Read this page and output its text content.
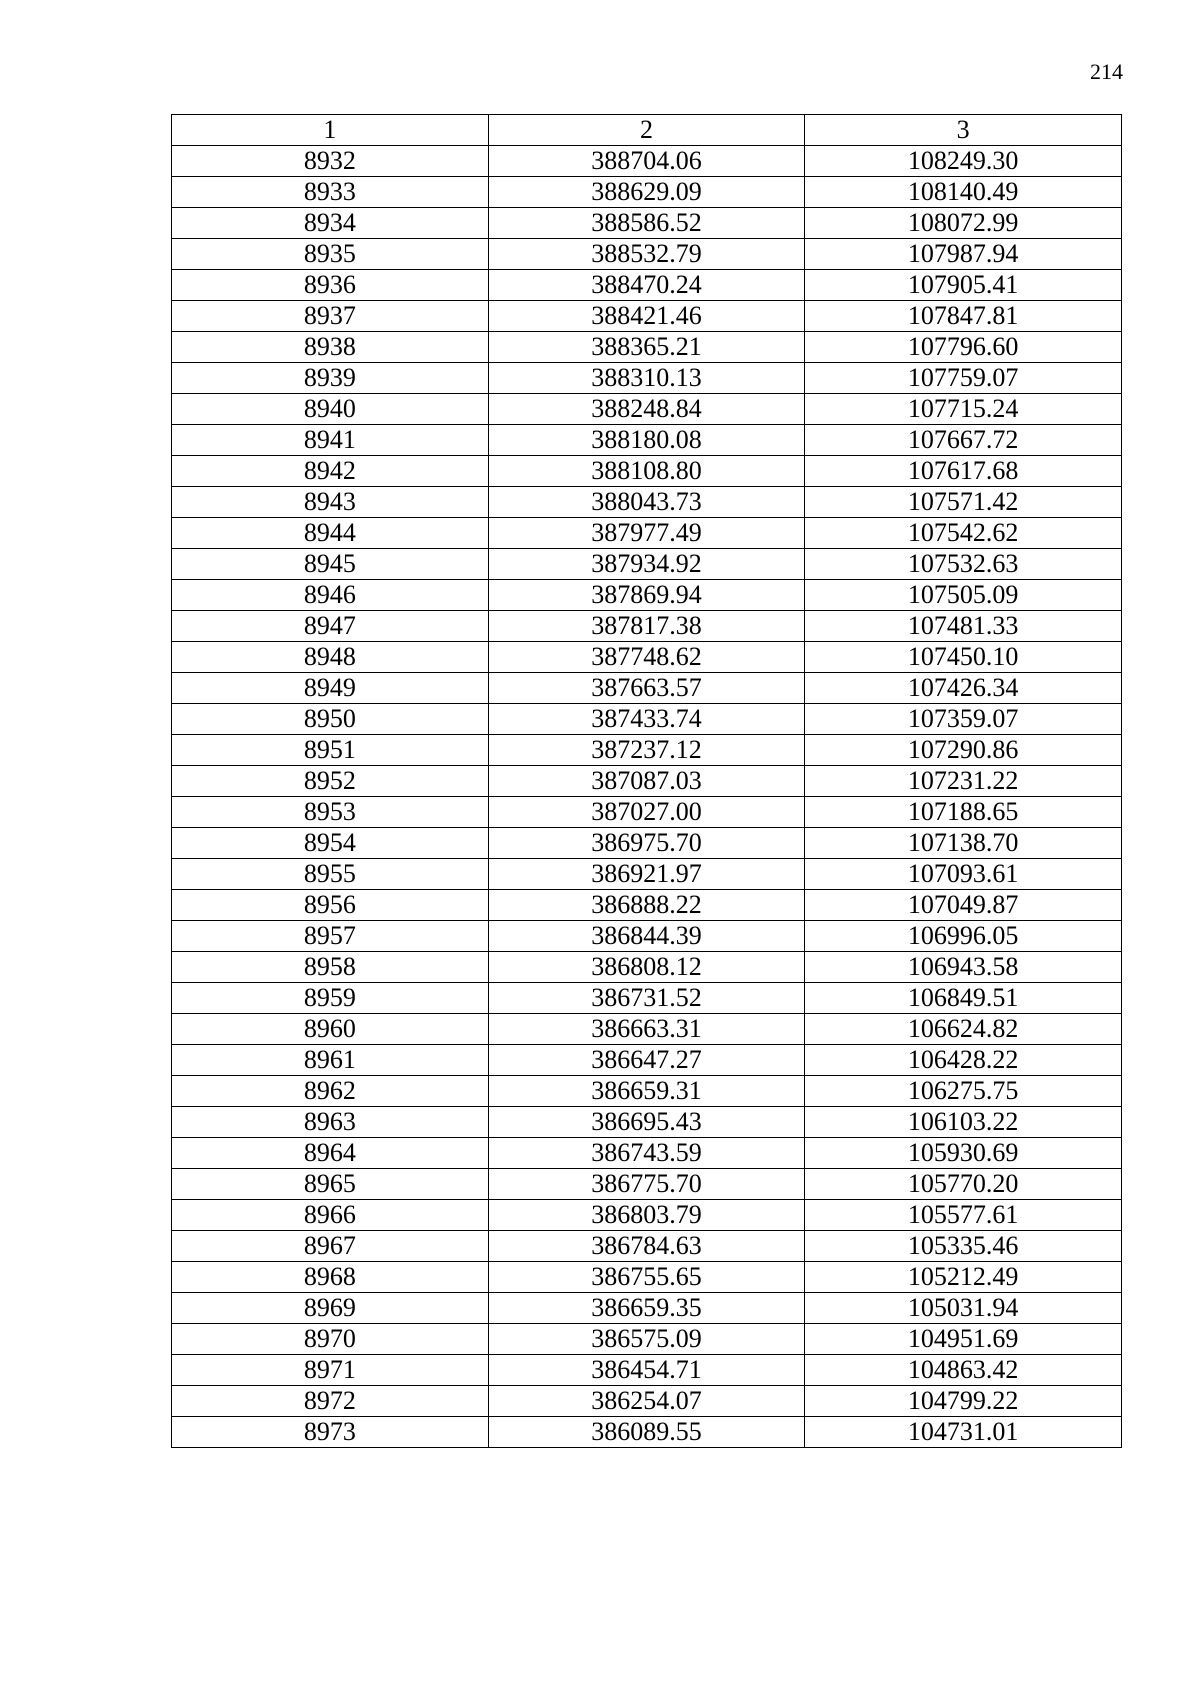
214
1	2	3
8932	388704.06	108249.30
8933	388629.09	108140.49
8934	388586.52	108072.99
8935	388532.79	107987.94
8936	388470.24	107905.41
8937	388421.46	107847.81
8938	388365.21	107796.60
8939	388310.13	107759.07
8940	388248.84	107715.24
8941	388180.08	107667.72
8942	388108.80	107617.68
8943	388043.73	107571.42
8944	387977.49	107542.62
8945	387934.92	107532.63
8946	387869.94	107505.09
8947	387817.38	107481.33
8948	387748.62	107450.10
8949	387663.57	107426.34
8950	387433.74	107359.07
8951	387237.12	107290.86
8952	387087.03	107231.22
8953	387027.00	107188.65
8954	386975.70	107138.70
8955	386921.97	107093.61
8956	386888.22	107049.87
8957	386844.39	106996.05
8958	386808.12	106943.58
8959	386731.52	106849.51
8960	386663.31	106624.82
8961	386647.27	106428.22
8962	386659.31	106275.75
8963	386695.43	106103.22
8964	386743.59	105930.69
8965	386775.70	105770.20
8966	386803.79	105577.61
8967	386784.63	105335.46
8968	386755.65	105212.49
8969	386659.35	105031.94
8970	386575.09	104951.69
8971	386454.71	104863.42
8972	386254.07	104799.22
8973	386089.55	104731.01
